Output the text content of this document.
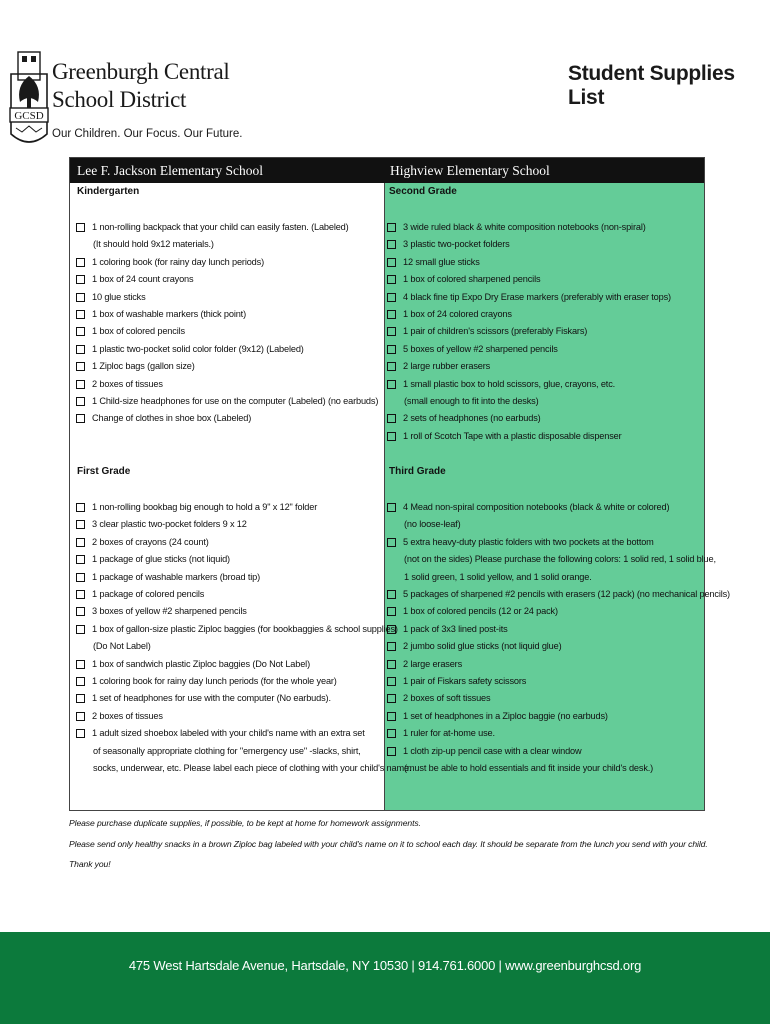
GCSD
Greenburgh Central
School District
Our Children. Our Focus. Our Future.
Student Supplies List
Lee F. Jackson Elementary School	Highview Elementary School
Kindergarten
1 non-rolling backpack that your child can easily fasten. (Labeled)
(It should hold 9x12 materials.)
1 coloring book (for rainy day lunch periods)
1 box of 24 count crayons
10 glue sticks
1 box of washable markers (thick point)
1 box of colored pencils
1 plastic two-pocket solid color folder (9x12) (Labeled)
1 Ziploc bags (gallon size)
2 boxes of tissues
1 Child-size headphones for use on the computer (Labeled) (no earbuds)
Change of clothes in shoe box (Labeled)
First Grade
1 non-rolling bookbag big enough to hold a 9" x 12" folder
3 clear plastic two-pocket folders 9 x 12
2 boxes of crayons (24 count)
1 package of glue sticks (not liquid)
1 package of washable markers (broad tip)
1 package of colored pencils
3 boxes of yellow #2 sharpened pencils
1 box of gallon-size plastic Ziploc baggies (for bookbaggies & school supplies)
(Do Not Label)
1 box of sandwich plastic Ziploc baggies (Do Not Label)
1 coloring book for rainy day lunch periods (for the whole year)
1 set of headphones for use with the computer (No earbuds).
2 boxes of tissues
1 adult sized shoebox labeled with your child's name with an extra set
of seasonally appropriate clothing for "emergency use" -slacks, shirt,
socks, underwear, etc. Please label each piece of clothing with your child's name.
Second Grade
3 wide ruled black & white composition notebooks (non-spiral)
3 plastic two-pocket folders
12 small glue sticks
1 box of colored sharpened pencils
4 black fine tip Expo Dry Erase markers (preferably with eraser tops)
1 box of 24 colored crayons
1 pair of children's scissors (preferably Fiskars)
5 boxes of yellow #2 sharpened pencils
2 large rubber erasers
1 small plastic box to hold scissors, glue, crayons, etc.
(small enough to fit into the desks)
2 sets of headphones (no earbuds)
1 roll of Scotch Tape with a plastic disposable dispenser
Third Grade
4 Mead non-spiral composition notebooks (black & white or colored)
(no loose-leaf)
5 extra heavy-duty plastic folders with two pockets at the bottom
(not on the sides) Please purchase the following colors: 1 solid red, 1 solid blue,
1 solid green, 1 solid yellow, and 1 solid orange.
5 packages of sharpened #2 pencils with erasers (12 pack) (no mechanical pencils)
1 box of colored pencils (12 or 24 pack)
1 pack of 3x3 lined post-its
2 jumbo solid glue sticks (not liquid glue)
2 large erasers
1 pair of Fiskars safety scissors
2 boxes of soft tissues
1 set of headphones in a Ziploc baggie (no earbuds)
1 ruler for at-home use.
1 cloth zip-up pencil case with a clear window
(must be able to hold essentials and fit inside your child's desk.)

Please purchase duplicate supplies, if possible, to be kept at home for homework assignments.

Please send only healthy snacks in a brown Ziploc bag labeled with your child's name on it to school each day. It should be separate from the lunch you send with your child.

Thank you!

475 West Hartsdale Avenue, Hartsdale, NY 10530 | 914.761.6000 | www.greenburghcsd.org
